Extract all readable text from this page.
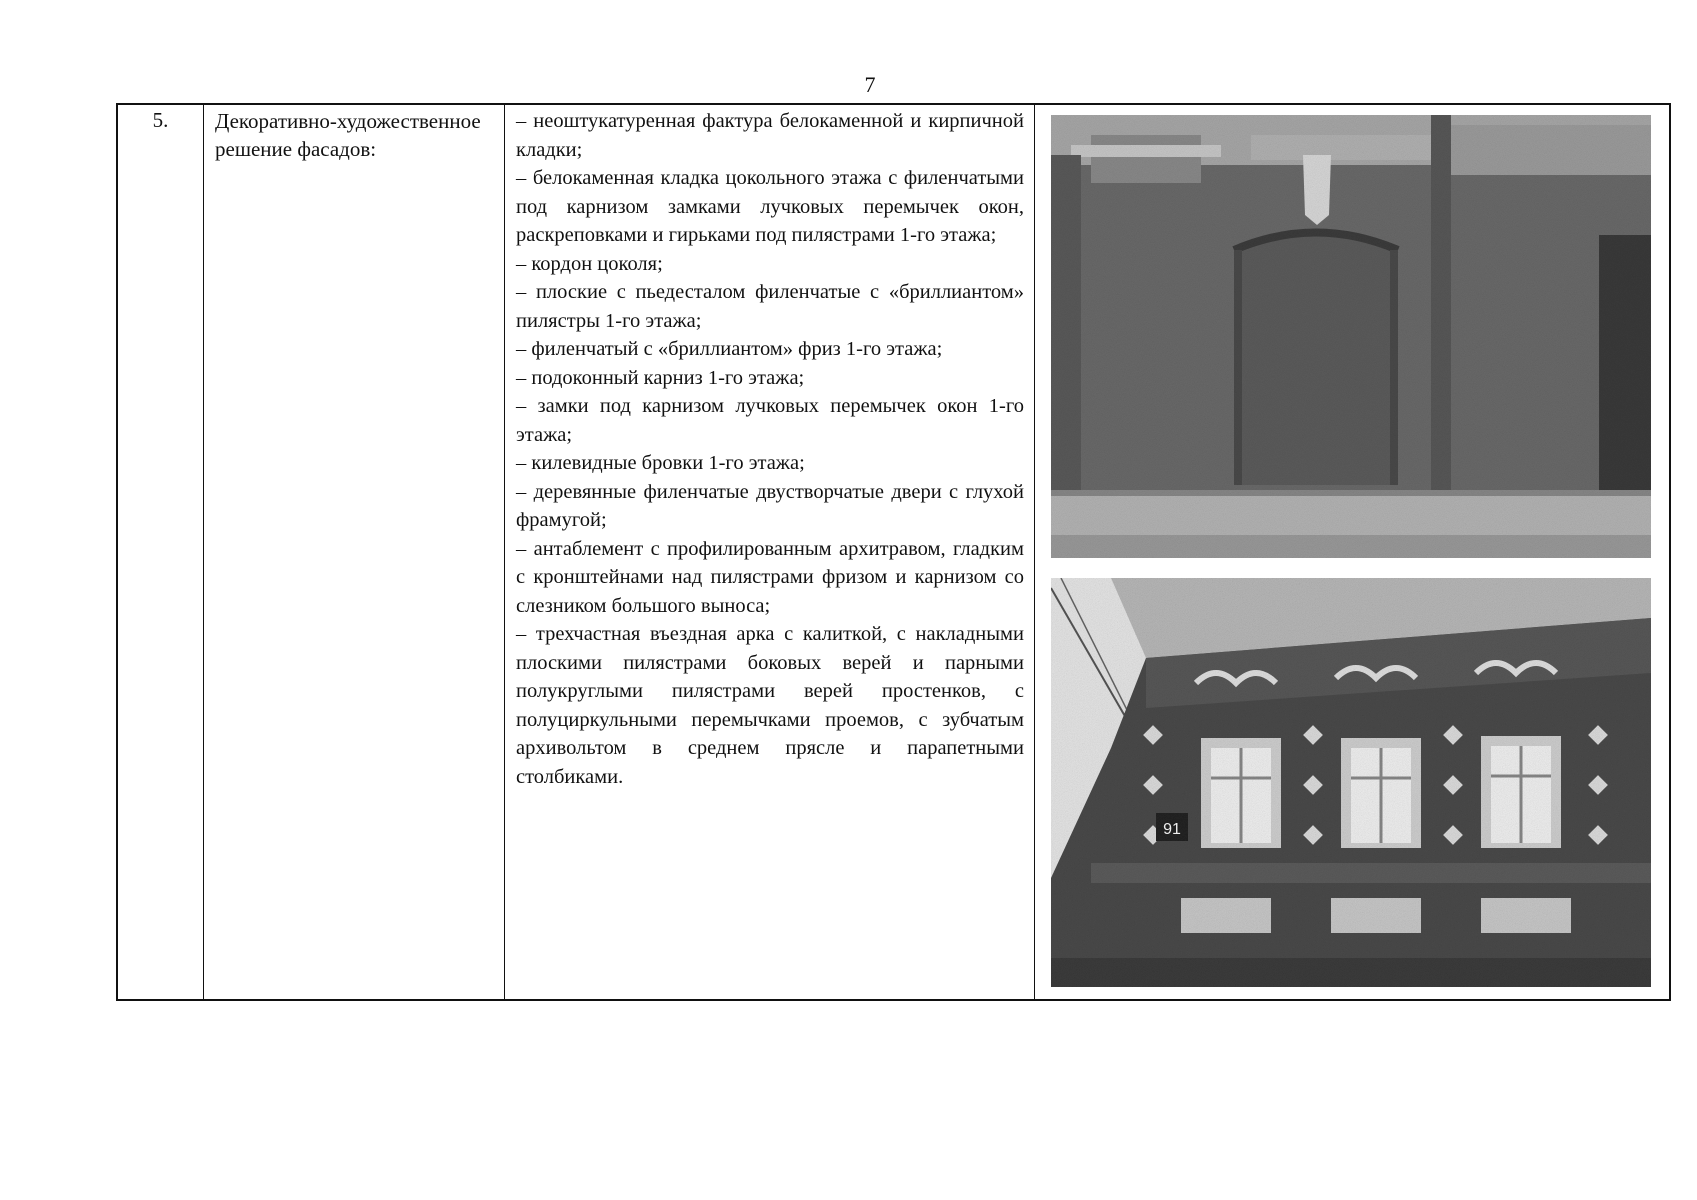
7
5.	Декоративно-художественное решение фасадов:
– неоштукатуренная фактура белокаменной и кирпичной кладки;
– белокаменная кладка цокольного этажа с филенчатыми под карнизом замками лучковых перемычек окон, раскреповками и гирьками под пилястрами 1-го этажа;
– кордон цоколя;
– плоские с пьедесталом филенчатые с «бриллиантом» пилястры 1-го этажа;
– филенчатый с «бриллиантом» фриз 1-го этажа;
– подоконный карниз 1-го этажа;
– замки под карнизом лучковых перемычек окон 1-го этажа;
– килевидные бровки 1-го этажа;
– деревянные филенчатые двустворчатые двери с глухой фрамугой;
– антаблемент с профилированным архитравом, гладким с кронштейнами над пилястрами фризом и карнизом со слезником большого выноса;
– трехчастная въездная арка с калиткой, с накладными плоскими пилястрами боковых верей и парными полукруглыми пилястрами верей простенков, с полуциркульными перемычками проемов, с зубчатым архивольтом в среднем прясле и парапетными столбиками.
91
